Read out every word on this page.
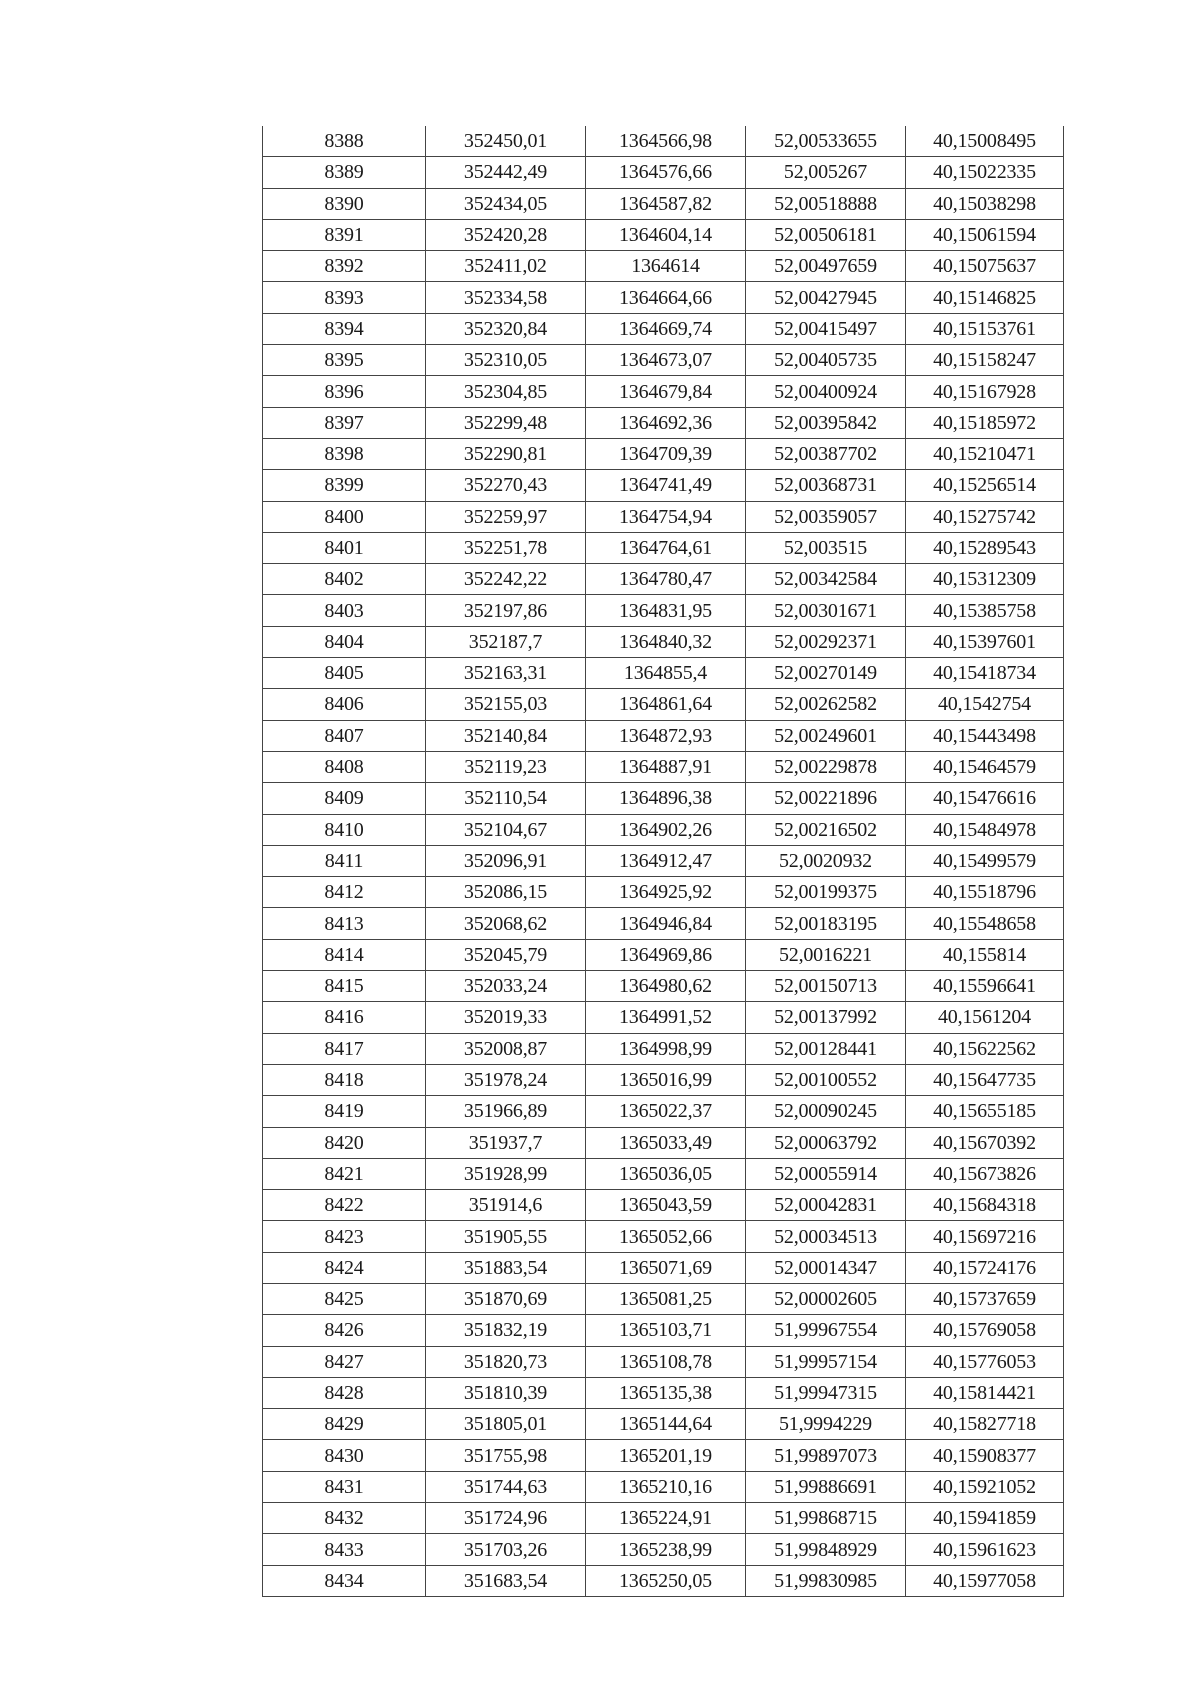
8388	352450,01	1364566,98	52,00533655	40,15008495
8389	352442,49	1364576,66	52,005267	40,15022335
8390	352434,05	1364587,82	52,00518888	40,15038298
8391	352420,28	1364604,14	52,00506181	40,15061594
8392	352411,02	1364614	52,00497659	40,15075637
8393	352334,58	1364664,66	52,00427945	40,15146825
8394	352320,84	1364669,74	52,00415497	40,15153761
8395	352310,05	1364673,07	52,00405735	40,15158247
8396	352304,85	1364679,84	52,00400924	40,15167928
8397	352299,48	1364692,36	52,00395842	40,15185972
8398	352290,81	1364709,39	52,00387702	40,15210471
8399	352270,43	1364741,49	52,00368731	40,15256514
8400	352259,97	1364754,94	52,00359057	40,15275742
8401	352251,78	1364764,61	52,003515	40,15289543
8402	352242,22	1364780,47	52,00342584	40,15312309
8403	352197,86	1364831,95	52,00301671	40,15385758
8404	352187,7	1364840,32	52,00292371	40,15397601
8405	352163,31	1364855,4	52,00270149	40,15418734
8406	352155,03	1364861,64	52,00262582	40,1542754
8407	352140,84	1364872,93	52,00249601	40,15443498
8408	352119,23	1364887,91	52,00229878	40,15464579
8409	352110,54	1364896,38	52,00221896	40,15476616
8410	352104,67	1364902,26	52,00216502	40,15484978
8411	352096,91	1364912,47	52,0020932	40,15499579
8412	352086,15	1364925,92	52,00199375	40,15518796
8413	352068,62	1364946,84	52,00183195	40,15548658
8414	352045,79	1364969,86	52,0016221	40,155814
8415	352033,24	1364980,62	52,00150713	40,15596641
8416	352019,33	1364991,52	52,00137992	40,1561204
8417	352008,87	1364998,99	52,00128441	40,15622562
8418	351978,24	1365016,99	52,00100552	40,15647735
8419	351966,89	1365022,37	52,00090245	40,15655185
8420	351937,7	1365033,49	52,00063792	40,15670392
8421	351928,99	1365036,05	52,00055914	40,15673826
8422	351914,6	1365043,59	52,00042831	40,15684318
8423	351905,55	1365052,66	52,00034513	40,15697216
8424	351883,54	1365071,69	52,00014347	40,15724176
8425	351870,69	1365081,25	52,00002605	40,15737659
8426	351832,19	1365103,71	51,99967554	40,15769058
8427	351820,73	1365108,78	51,99957154	40,15776053
8428	351810,39	1365135,38	51,99947315	40,15814421
8429	351805,01	1365144,64	51,9994229	40,15827718
8430	351755,98	1365201,19	51,99897073	40,15908377
8431	351744,63	1365210,16	51,99886691	40,15921052
8432	351724,96	1365224,91	51,99868715	40,15941859
8433	351703,26	1365238,99	51,99848929	40,15961623
8434	351683,54	1365250,05	51,99830985	40,15977058
